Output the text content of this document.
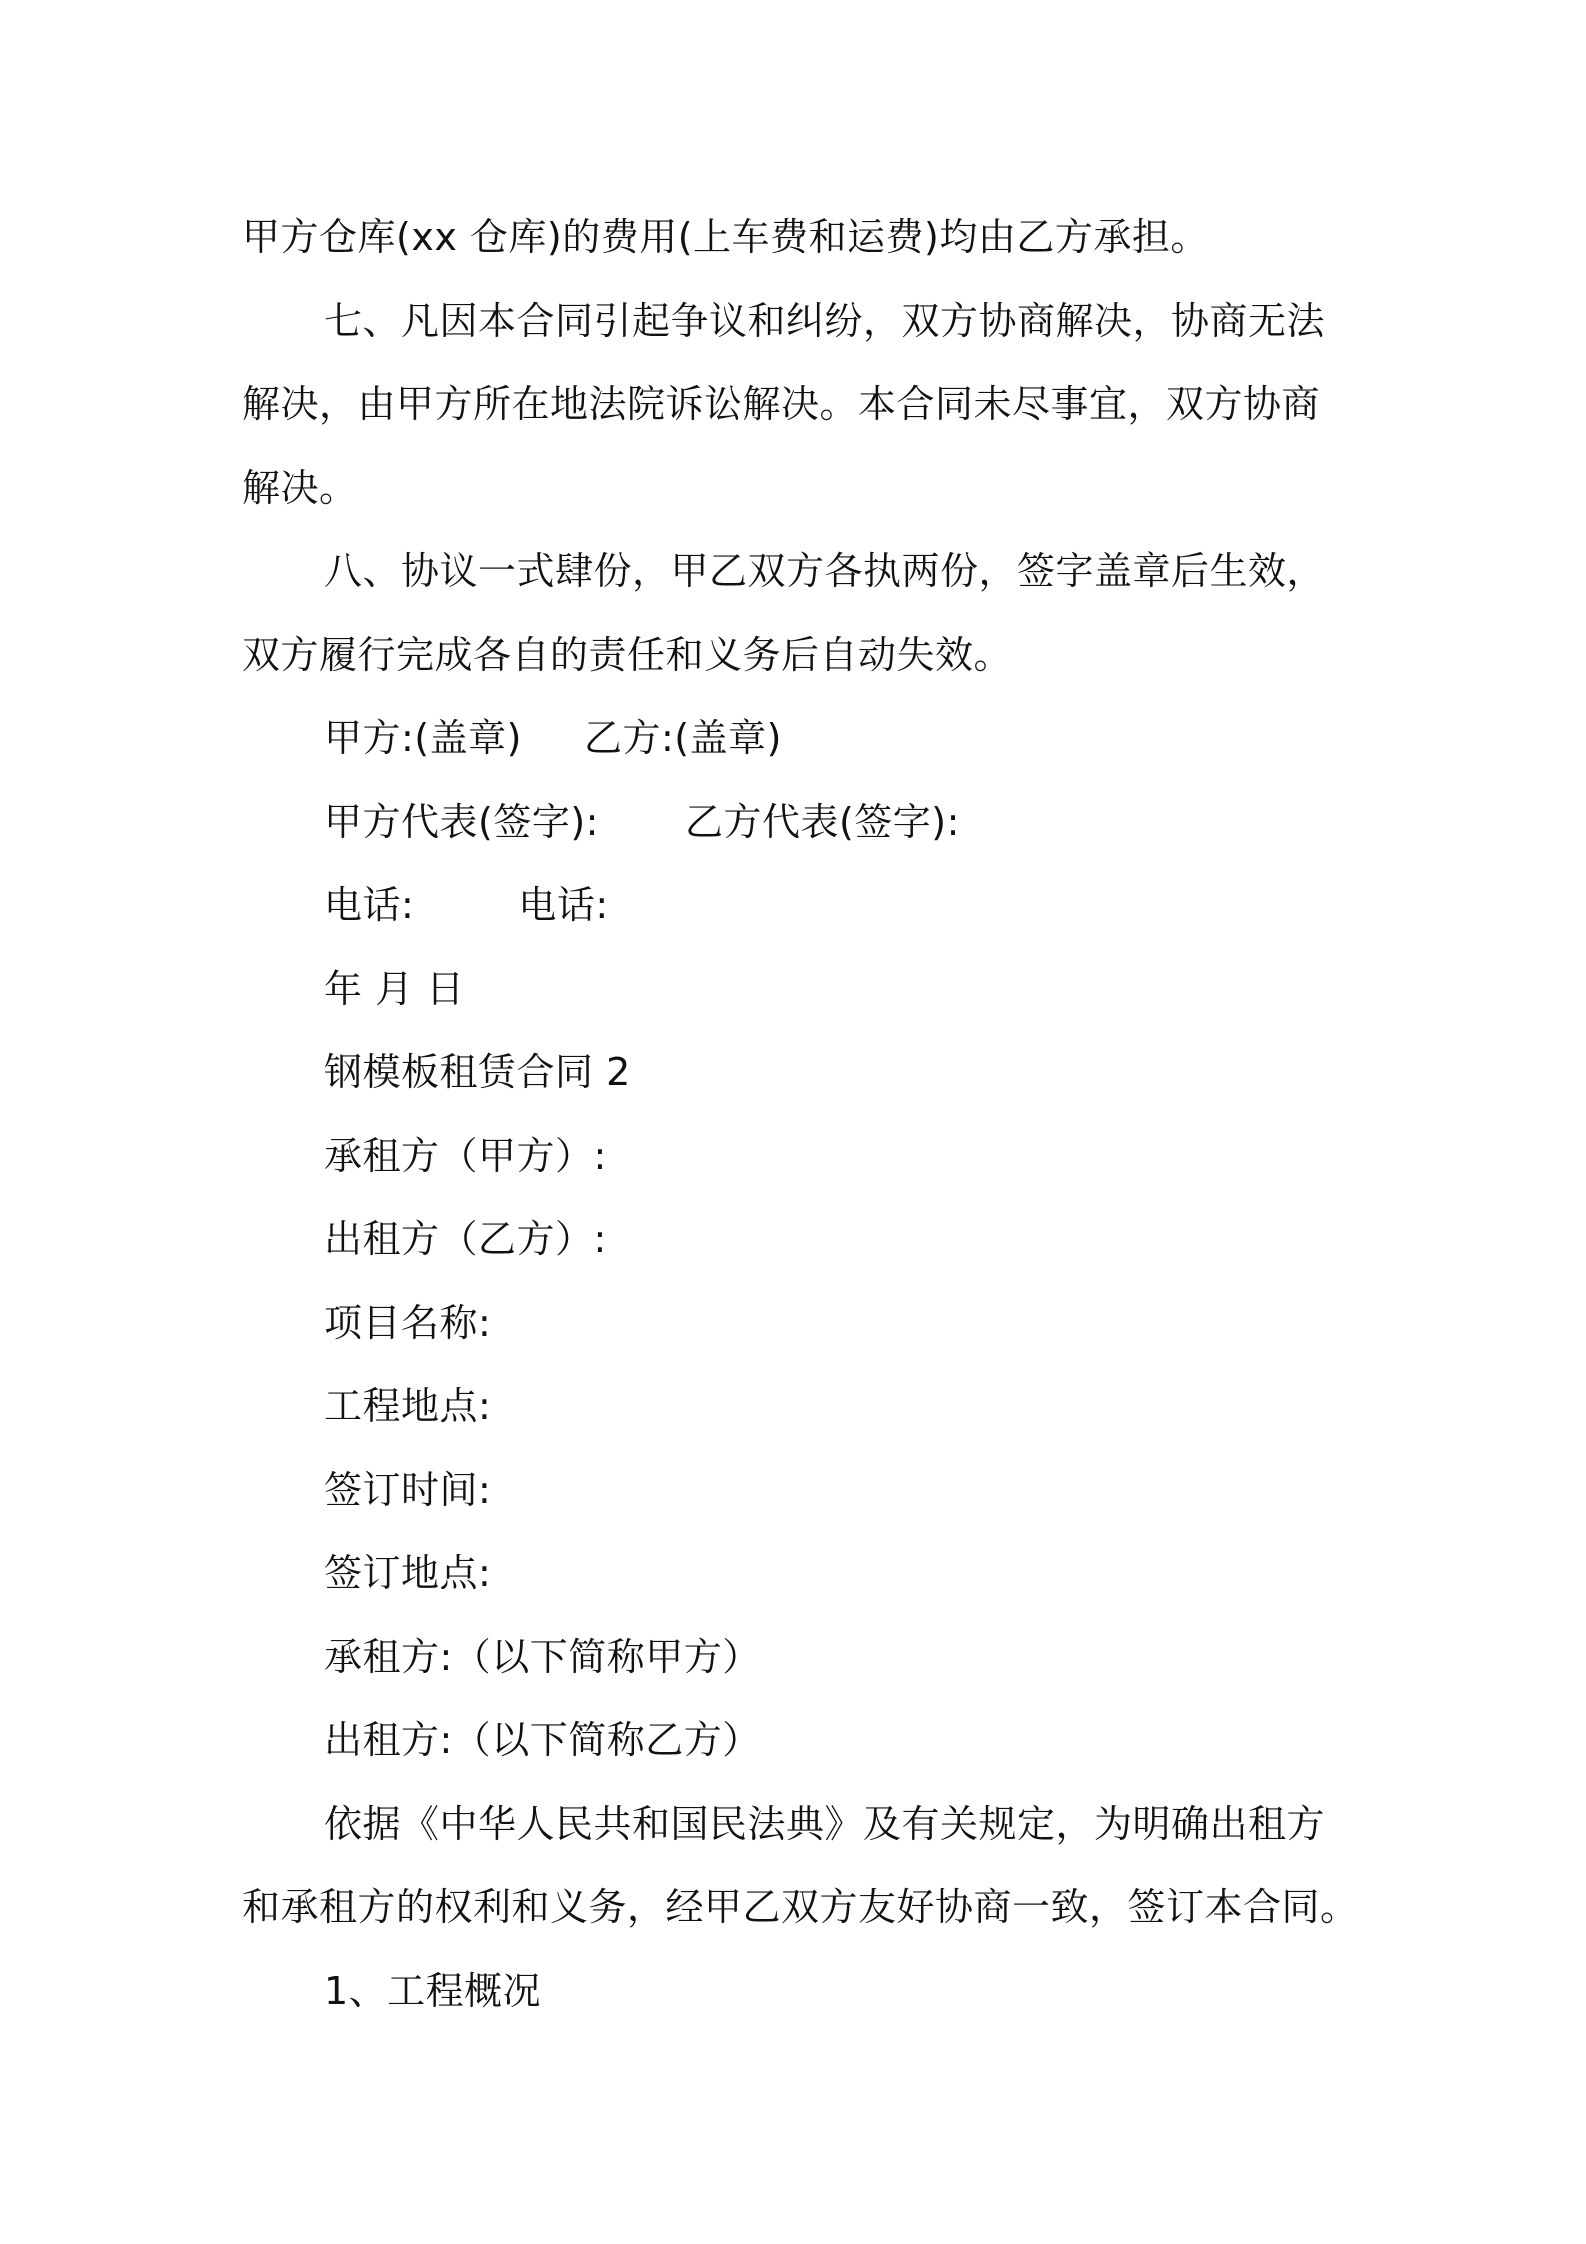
甲方仓库(xx 仓库)的费用(上车费和运费)均由乙方承担。
七、凡因本合同引起争议和纠纷，双方协商解决，协商无法
解决，由甲方所在地法院诉讼解决。本合同未尽事宜，双方协商
解决。
八、协议一式肆份，甲乙双方各执两份，签字盖章后生效，
双方履行完成各自的责任和义务后自动失效。
甲方:(盖章) 乙方:(盖章)
甲方代表(签字): 乙方代表(签字):
电话:	电话:
年 月 日
钢模板租赁合同 2
承租方（甲方）:
出租方（乙方）:
项目名称:
工程地点:
签订时间:
签订地点:
承租方:（以下简称甲方）
出租方:（以下简称乙方）
依据《中华人民共和国民法典》及有关规定，为明确出租方
和承租方的权利和义务，经甲乙双方友好协商一致，签订本合同。
1、工程概况
